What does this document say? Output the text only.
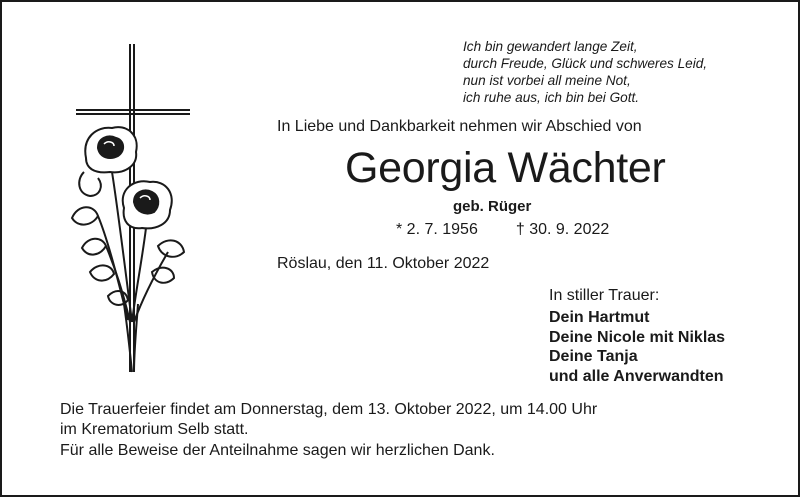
Ich bin gewandert lange Zeit,
durch Freude, Glück und schweres Leid,
nun ist vorbei all meine Not,
ich ruhe aus, ich bin bei Gott.
In Liebe und Dankbarkeit nehmen wir Abschied von
Georgia Wächter
geb. Rüger
* 2. 7. 1956 † 30. 9. 2022
Röslau, den 11. Oktober 2022
In stiller Trauer:
Dein Hartmut
Deine Nicole mit Niklas
Deine Tanja
und alle Anverwandten
Die Trauerfeier findet am Donnerstag, dem 13. Oktober 2022, um 14.00 Uhr
im Krematorium Selb statt.
Für alle Beweise der Anteilnahme sagen wir herzlichen Dank.
